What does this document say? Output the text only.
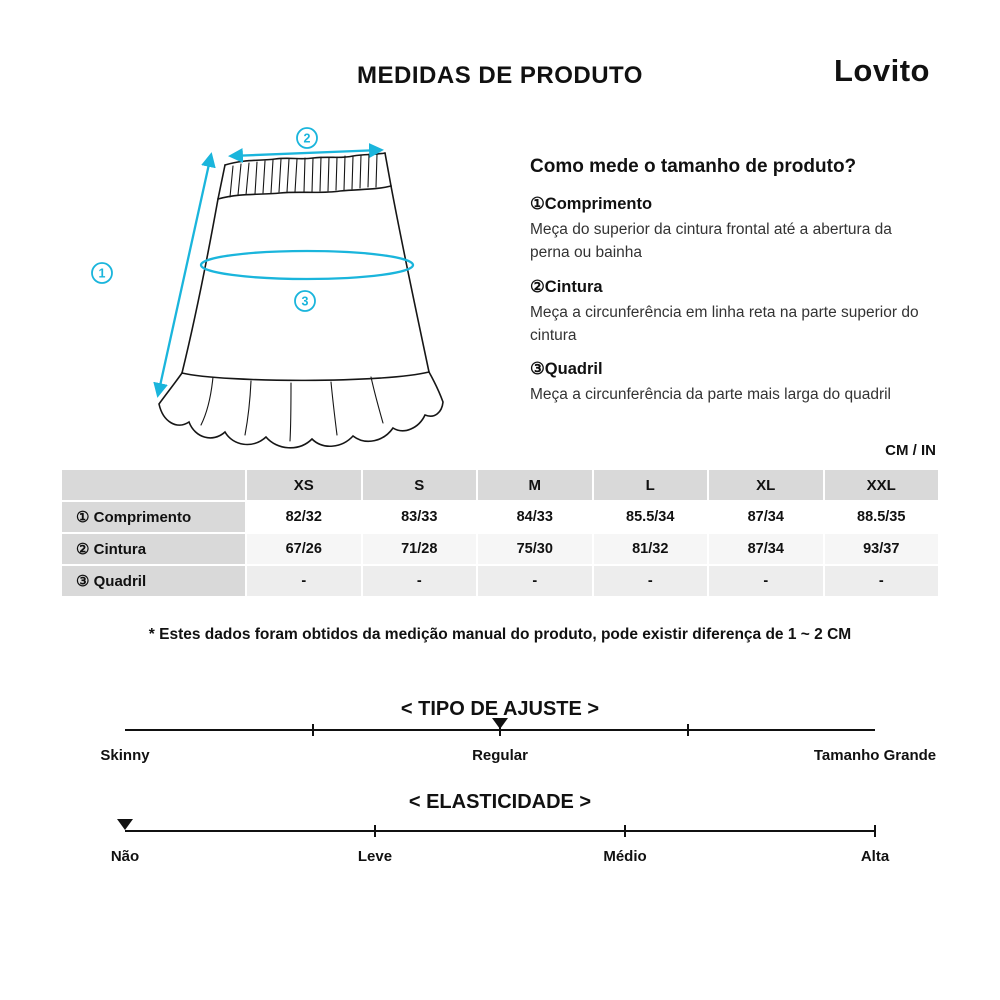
MEDIDAS DE PRODUTO	Lovito
2
1
3
Como mede o tamanho de produto?
①Comprimento
Meça do superior da cintura frontal até a abertura da perna ou bainha
②Cintura
Meça a circunferência em linha reta na parte superior do cintura
③Quadril
Meça a circunferência da parte mais larga do quadril
CM / IN
	XS	S	M	L	XL	XXL
① Comprimento	82/32	83/33	84/33	85.5/34	87/34	88.5/35
② Cintura	67/26	71/28	75/30	81/32	87/34	93/37
③ Quadril	-	-	-	-	-	-
* Estes dados foram obtidos da medição manual do produto, pode existir diferença de 1 ~ 2 CM
< TIPO DE AJUSTE >
Skinny	Regular	Tamanho Grande
< ELASTICIDADE >
Não	Leve	Médio	Alta
